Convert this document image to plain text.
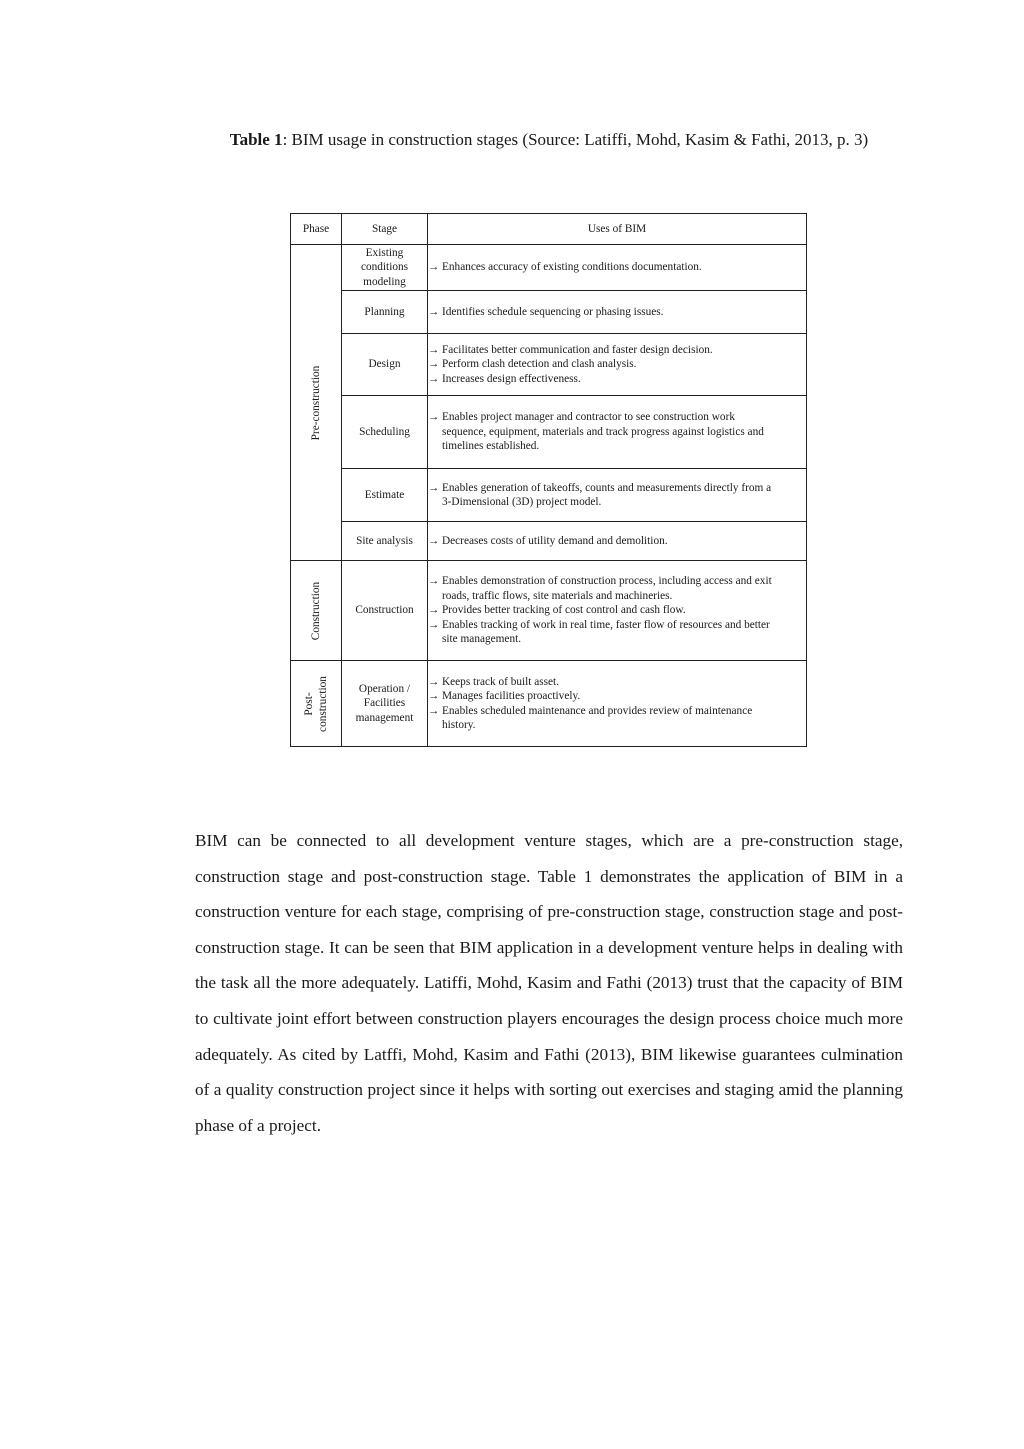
Table 1: BIM usage in construction stages (Source: Latiffi, Mohd, Kasim & Fathi, 2013, p. 3)
Phase	Stage	Uses of BIM

Pre-construction	Existing conditions modeling	→ Enhances accuracy of existing conditions documentation.

	Planning	→ Identifies schedule sequencing or phasing issues.

	Design	→ Facilitates better communication and faster design decision.
→ Perform clash detection and clash analysis.
→ Increases design effectiveness.

	Scheduling	→ Enables project manager and contractor to see construction work
sequence, equipment, materials and track progress against logistics and
timelines established.

	Estimate	→ Enables generation of takeoffs, counts and measurements directly from a
3-Dimensional (3D) project model.

	Site analysis	→ Decreases costs of utility demand and demolition.

Construction	Construction	→ Enables demonstration of construction process, including access and exit
roads, traffic flows, site materials and machineries.
→ Provides better tracking of cost control and cash flow.
→ Enables tracking of work in real time, faster flow of resources and better
site management.

Post-construction	Operation / Facilities management	→ Keeps track of built asset.
→ Manages facilities proactively.
→ Enables scheduled maintenance and provides review of maintenance
history.

BIM can be connected to all development venture stages, which are a pre-construction stage, construction stage and post-construction stage. Table 1 demonstrates the application of BIM in a construction venture for each stage, comprising of pre-construction stage, construction stage and post-construction stage. It can be seen that BIM application in a development venture helps in dealing with the task all the more adequately. Latiffi, Mohd, Kasim and Fathi (2013) trust that the capacity of BIM to cultivate joint effort between construction players encourages the design process choice much more adequately. As cited by Latffi, Mohd, Kasim and Fathi (2013), BIM likewise guarantees culmination of a quality construction project since it helps with sorting out exercises and staging amid the planning phase of a project.
